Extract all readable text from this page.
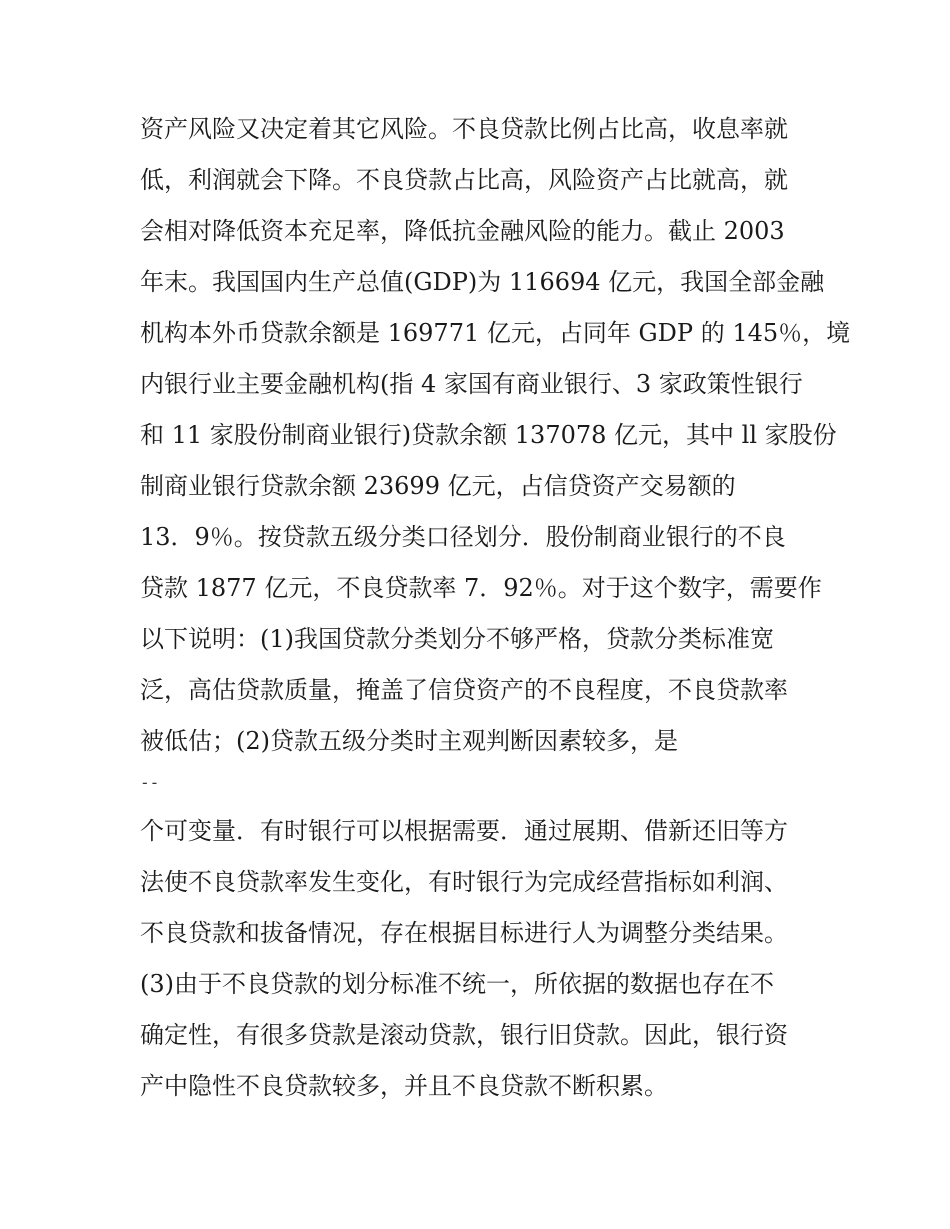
资产风险又决定着其它风险。不良贷款比例占比高，收息率就
低，利润就会下降。不良贷款占比高，风险资产占比就高，就
会相对降低资本充足率，降低抗金融风险的能力。截止 2003
年末。我国国内生产总值(GDP)为 116694 亿元，我国全部金融
机构本外币贷款余额是 169771 亿元，占同年 GDP 的 145％，境
内银行业主要金融机构(指 4 家国有商业银行、3 家政策性银行
和 11 家股份制商业银行)贷款余额 137078 亿元，其中 ll 家股份
制商业银行贷款余额 23699 亿元，占信贷资产交易额的
13．9％。按贷款五级分类口径划分．股份制商业银行的不良
贷款 1877 亿元，不良贷款率 7．92％。对于这个数字，需要作
以下说明：(1)我国贷款分类划分不够严格，贷款分类标准宽
泛，高估贷款质量，掩盖了信贷资产的不良程度，不良贷款率
被低估；(2)贷款五级分类时主观判断因素较多，是
--
个可变量．有时银行可以根据需要．通过展期、借新还旧等方
法使不良贷款率发生变化，有时银行为完成经营指标如利润、
不良贷款和拔备情况，存在根据目标进行人为调整分类结果。
(3)由于不良贷款的划分标准不统一，所依据的数据也存在不
确定性，有很多贷款是滚动贷款，银行旧贷款。因此，银行资
产中隐性不良贷款较多，并且不良贷款不断积累。
